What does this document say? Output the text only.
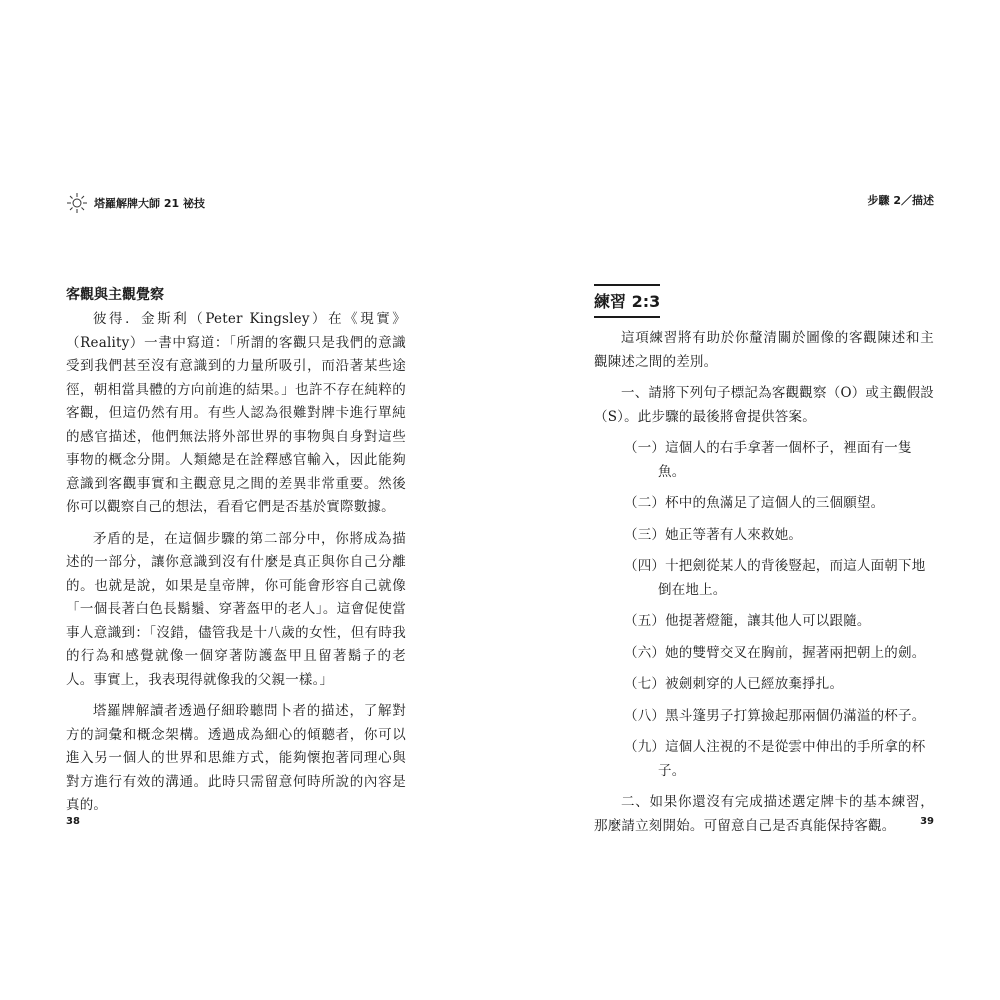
塔羅解牌大師 21 祕技
客觀與主觀覺察

彼得．金斯利（Peter Kingsley）在《現實》（Reality）一書中寫道：「所謂的客觀只是我們的意識受到我們甚至沒有意識到的力量所吸引，而沿著某些途徑，朝相當具體的方向前進的結果。」也許不存在純粹的客觀，但這仍然有用。有些人認為很難對牌卡進行單純的感官描述，他們無法將外部世界的事物與自身對這些事物的概念分開。人類總是在詮釋感官輸入，因此能夠意識到客觀事實和主觀意見之間的差異非常重要。然後你可以觀察自己的想法，看看它們是否基於實際數據。

矛盾的是，在這個步驟的第二部分中，你將成為描述的一部分，讓你意識到沒有什麼是真正與你自己分離的。也就是說，如果是皇帝牌，你可能會形容自己就像「一個長著白色長鬍鬚、穿著盔甲的老人」。這會促使當事人意識到：「沒錯，儘管我是十八歲的女性，但有時我的行為和感覺就像一個穿著防護盔甲且留著鬍子的老人。事實上，我表現得就像我的父親一樣。」

塔羅牌解讀者透過仔細聆聽問卜者的描述，了解對方的詞彙和概念架構。透過成為細心的傾聽者，你可以進入另一個人的世界和思維方式，能夠懷抱著同理心與對方進行有效的溝通。此時只需留意何時所說的內容是真的。

38
步驟 2／描述
39
練習 2:3

這項練習將有助於你釐清關於圖像的客觀陳述和主觀陳述之間的差別。

一、請將下列句子標記為客觀觀察（O）或主觀假設（S）。此步驟的最後將會提供答案。

（一）這個人的右手拿著一個杯子，裡面有一隻魚。
（二）杯中的魚滿足了這個人的三個願望。
（三）她正等著有人來救她。
（四）十把劍從某人的背後豎起，而這人面朝下地倒在地上。
（五）他提著燈籠，讓其他人可以跟隨。
（六）她的雙臂交叉在胸前，握著兩把朝上的劍。
（七）被劍刺穿的人已經放棄掙扎。
（八）黑斗篷男子打算撿起那兩個仍滿溢的杯子。
（九）這個人注視的不是從雲中伸出的手所拿的杯子。

二、如果你還沒有完成描述選定牌卡的基本練習，那麼請立刻開始。可留意自己是否真能保持客觀。
